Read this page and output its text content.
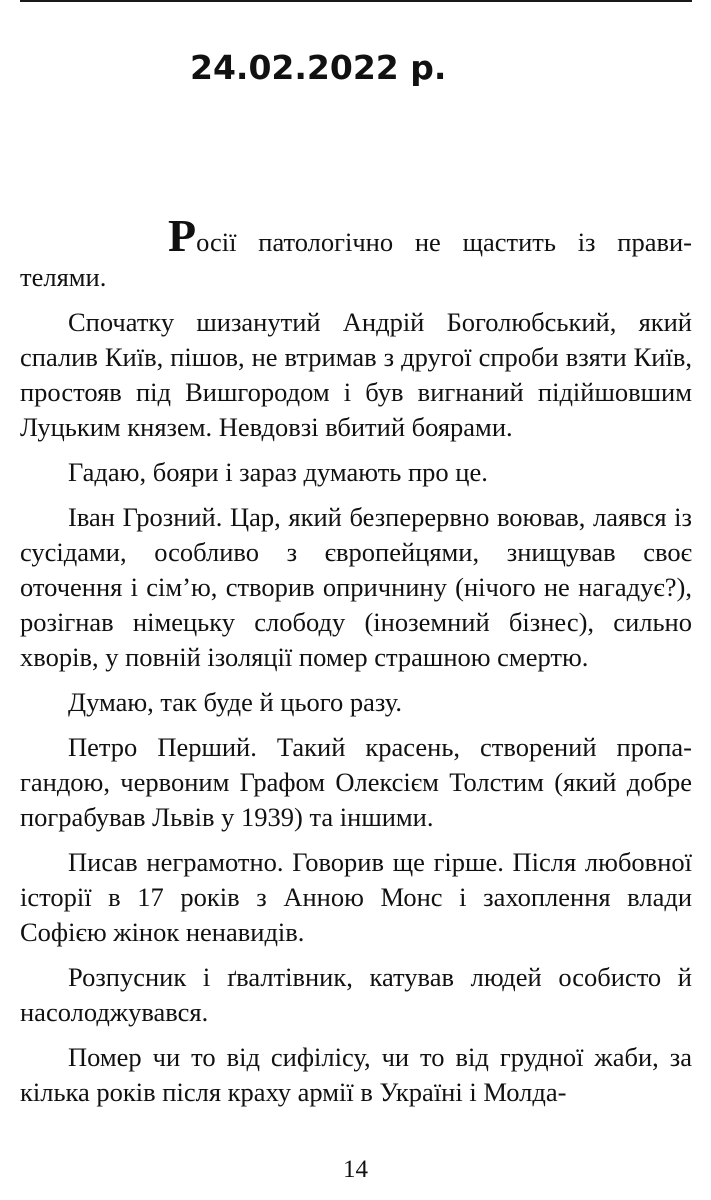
24.02.2022 р.

Росії патологічно не щастить із правителями.

Спочатку шизанутий Андрій Боголюбський, який спалив Київ, пішов, не втримав з другої спроби взяти Київ, простояв під Вишгородом і був вигнаний підійшовшим Луцьким князем. Невдовзі вбитий боярами.

Гадаю, бояри і зараз думають про це.

Іван Грозний. Цар, який безперервно воював, лаявся із сусідами, особливо з європейцями, знищував своє оточення і сім’ю, створив опричнину (нічого не нагадує?), розігнав німецьку слободу (іноземний бізнес), сильно хворів, у повній ізоляції помер страшною смертю.

Думаю, так буде й цього разу.

Петро Перший. Такий красень, створений пропагандою, червоним Графом Олексієм Толстим (який добре пограбував Львів у 1939) та іншими.

Писав неграмотно. Говорив ще гірше. Після любовної історії в 17 років з Анною Монс і захоплення влади Софією жінок ненавидів.

Розпусник і ґвалтівник, катував людей особисто й насолоджувався.

Помер чи то від сифілісу, чи то від грудної жаби, за кілька років після краху армії в Україні і Молда-

14
